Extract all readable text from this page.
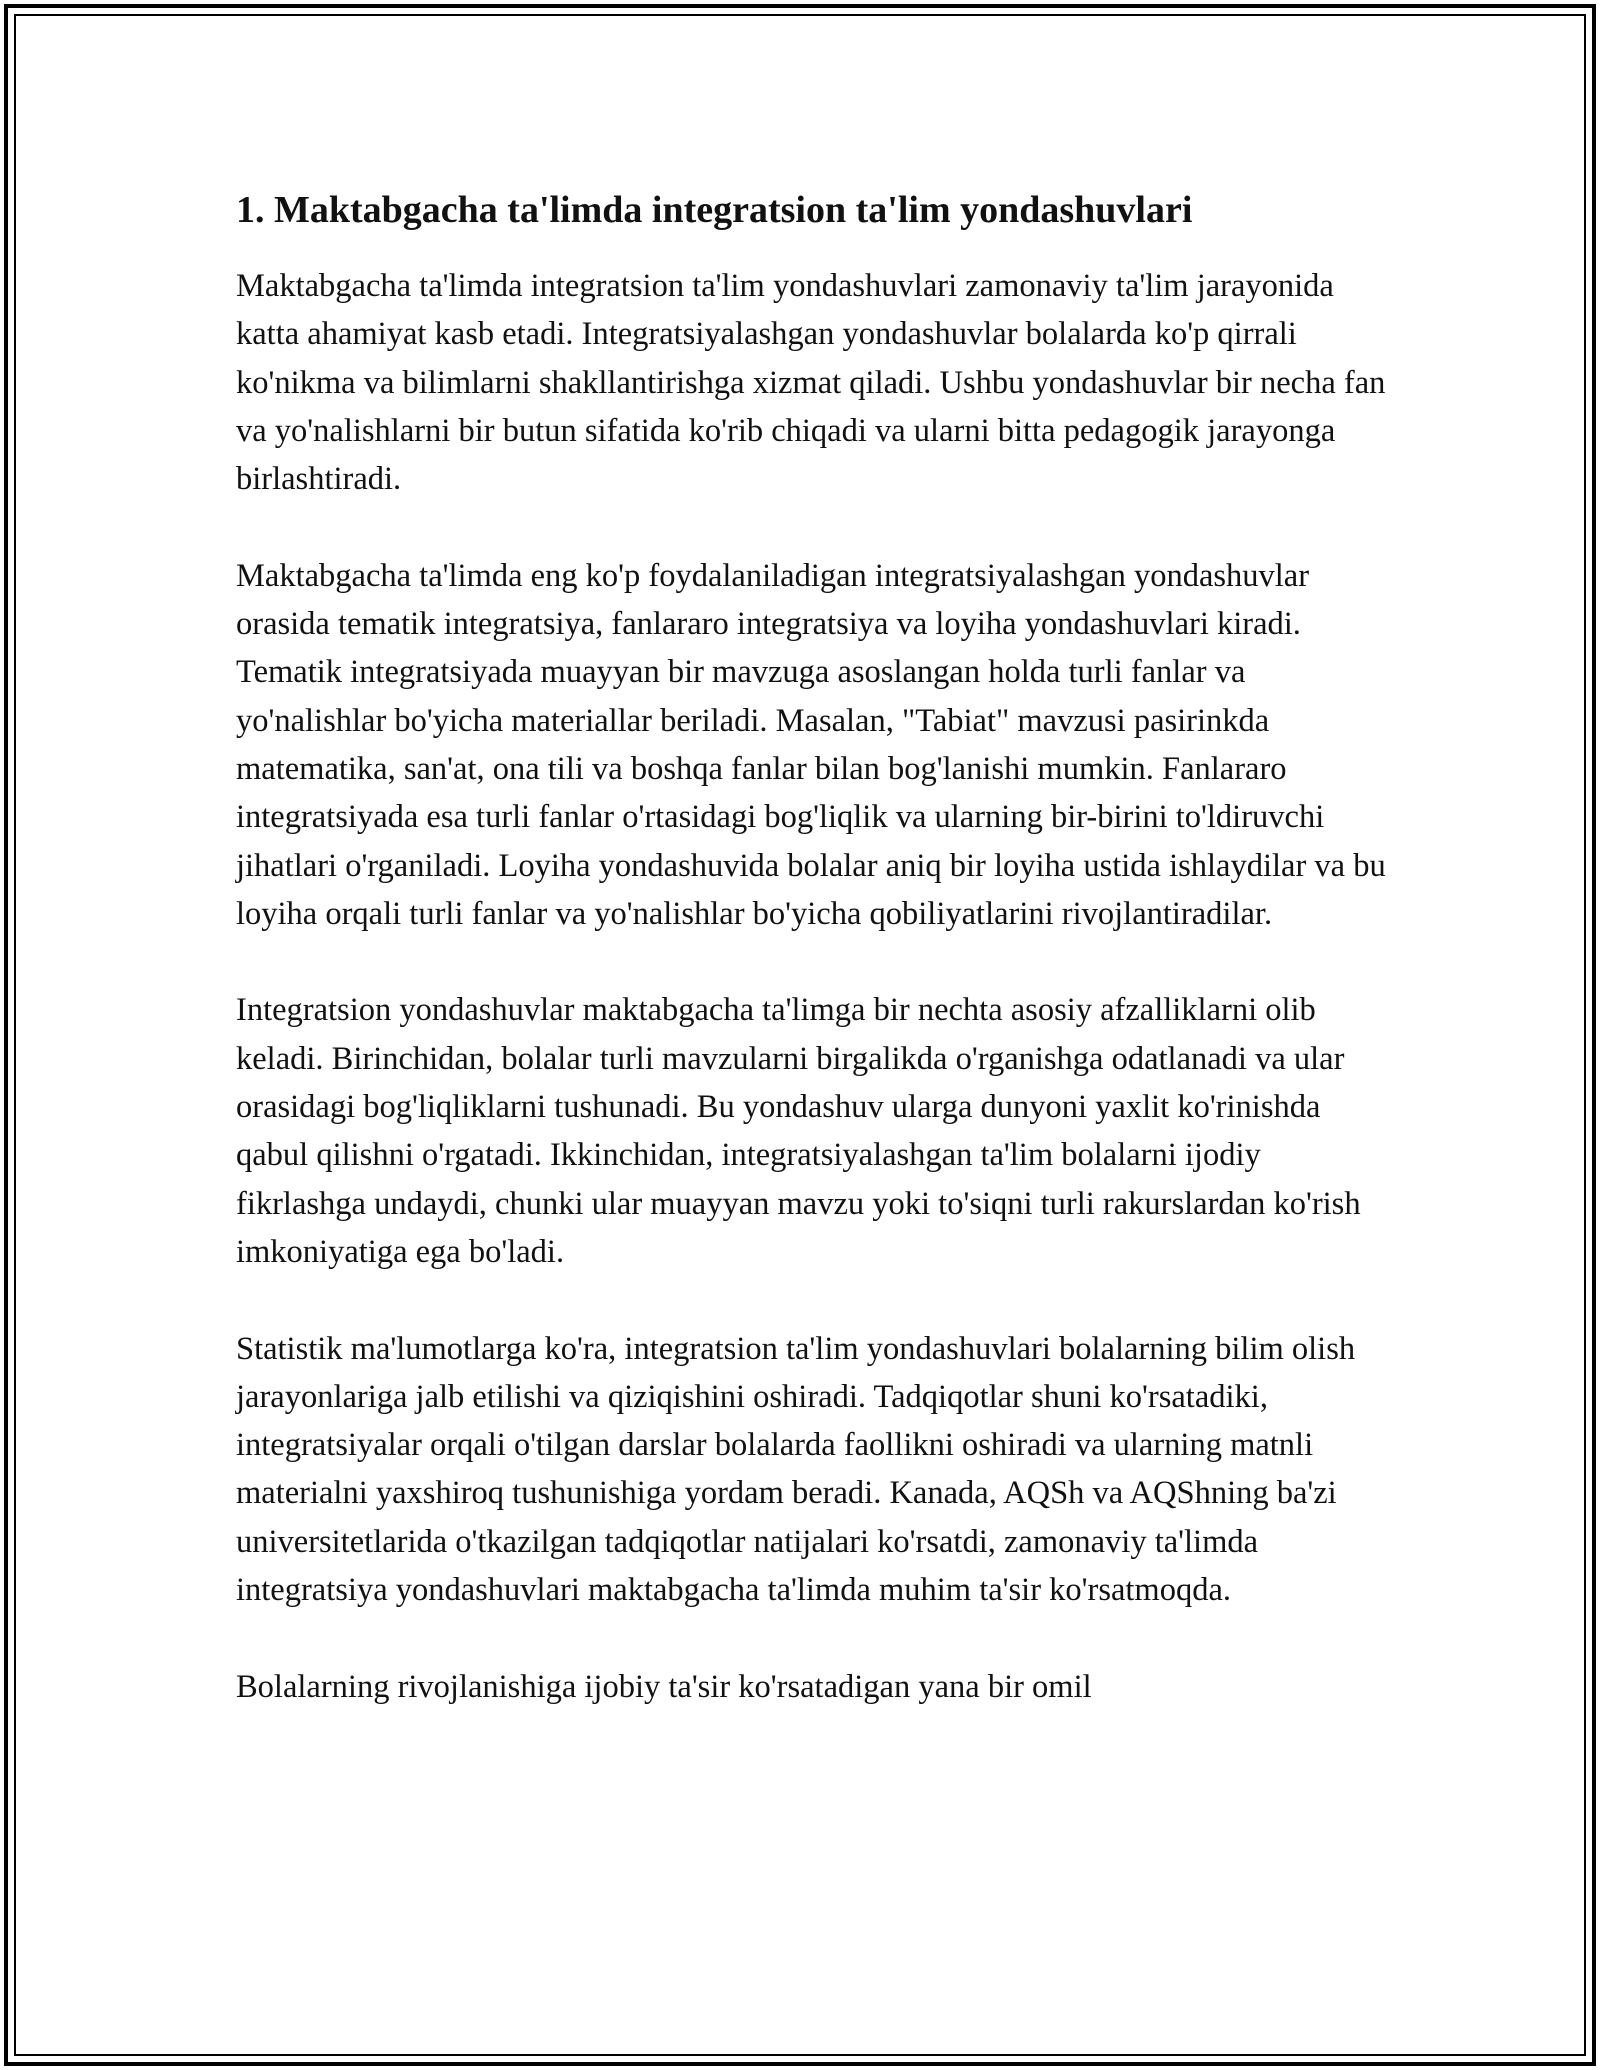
1. Maktabgacha ta'limda integratsion ta'lim yondashuvlari

Maktabgacha ta'limda integratsion ta'lim yondashuvlari zamonaviy ta'lim jarayonida katta ahamiyat kasb etadi. Integratsiyalashgan yondashuvlar bolalarda ko'p qirrali ko'nikma va bilimlarni shakllantirishga xizmat qiladi. Ushbu yondashuvlar bir necha fan va yo'nalishlarni bir butun sifatida ko'rib chiqadi va ularni bitta pedagogik jarayonga birlashtiradi.

Maktabgacha ta'limda eng ko'p foydalaniladigan integratsiyalashgan yondashuvlar orasida tematik integratsiya, fanlararo integratsiya va loyiha yondashuvlari kiradi. Tematik integratsiyada muayyan bir mavzuga asoslangan holda turli fanlar va yo'nalishlar bo'yicha materiallar beriladi. Masalan, "Tabiat" mavzusi pasirinkda matematika, san'at, ona tili va boshqa fanlar bilan bog'lanishi mumkin. Fanlararo integratsiyada esa turli fanlar o'rtasidagi bog'liqlik va ularning bir-birini to'ldiruvchi jihatlari o'rganiladi. Loyiha yondashuvida bolalar aniq bir loyiha ustida ishlaydilar va bu loyiha orqali turli fanlar va yo'nalishlar bo'yicha qobiliyatlarini rivojlantiradilar.

Integratsion yondashuvlar maktabgacha ta'limga bir nechta asosiy afzalliklarni olib keladi. Birinchidan, bolalar turli mavzularni birgalikda o'rganishga odatlanadi va ular orasidagi bog'liqliklarni tushunadi. Bu yondashuv ularga dunyoni yaxlit ko'rinishda qabul qilishni o'rgatadi. Ikkinchidan, integratsiyalashgan ta'lim bolalarni ijodiy fikrlashga undaydi, chunki ular muayyan mavzu yoki to'siqni turli rakurslardan ko'rish imkoniyatiga ega bo'ladi.

Statistik ma'lumotlarga ko'ra, integratsion ta'lim yondashuvlari bolalarning bilim olish jarayonlariga jalb etilishi va qiziqishini oshiradi. Tadqiqotlar shuni ko'rsatadiki, integratsiyalar orqali o'tilgan darslar bolalarda faollikni oshiradi va ularning matnli materialni yaxshiroq tushunishiga yordam beradi. Kanada, AQSh va AQShning ba'zi universitetlarida o'tkazilgan tadqiqotlar natijalari ko'rsatdi, zamonaviy ta'limda integratsiya yondashuvlari maktabgacha ta'limda muhim ta'sir ko'rsatmoqda.

Bolalarning rivojlanishiga ijobiy ta'sir ko'rsatadigan yana bir omil
